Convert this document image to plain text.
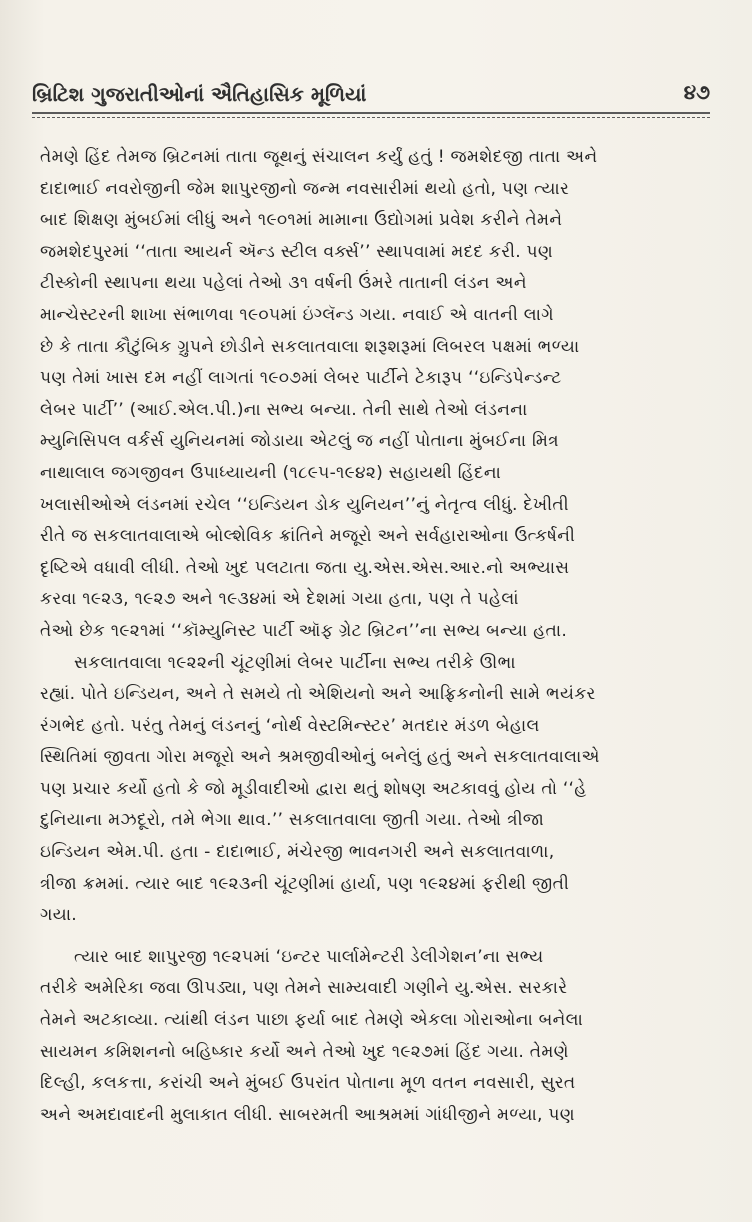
બ્રિટિશ ગુજરાતીઓનાં ઐતિહાસિક મૂળિયાં	૪૭
તેમણે હિંદ તેમજ બ્રિટનમાં તાતા જૂથનું સંચાલન કર્યું હતું ! જમશેદજી તાતા અને
દાદાભાઈ નવરોજીની જેમ શાપુરજીનો જન્મ નવસારીમાં થયો હતો, પણ ત્યાર
બાદ શિક્ષણ મુંબઈમાં લીધું અને ૧૯૦૧માં મામાના ઉદ્યોગમાં પ્રવેશ કરીને તેમને
જમશેદપુરમાં ‘‘તાતા આયર્ન ઍન્ડ સ્ટીલ વર્ક્સ’’ સ્થાપવામાં મદદ કરી. પણ
ટીસ્કોની સ્થાપના થયા પહેલાં તેઓ ૩૧ વર્ષની ઉંમરે તાતાની લંડન અને
માન્ચેસ્ટરની શાખા સંભાળવા ૧૯૦૫માં ઇંગ્લૅન્ડ ગયા. નવાઈ એ વાતની લાગે
છે કે તાતા કૌટુંબિક ગ્રુપને છોડીને સકલાતવાલા શરૂશરૂમાં લિબરલ પક્ષમાં ભળ્યા
પણ તેમાં ખાસ દમ નહીં લાગતાં ૧૯૦૭માં લેબર પાર્ટીને ટેકારૂપ ‘‘ઇન્ડિપેન્ડન્ટ
લેબર પાર્ટી’’ (આઈ.એલ.પી.)ના સભ્ય બન્યા. તેની સાથે તેઓ લંડનના
મ્યુનિસિપલ વર્કર્સ યુનિયનમાં જોડાયા એટલું જ નહીં પોતાના મુંબઈના મિત્ર
નાથાલાલ જગજીવન ઉપાધ્યાયની (૧૮૯૫-૧૯૪૨) સહાયથી હિંદના
ખલાસીઓએ લંડનમાં રચેલ ‘‘ઇન્ડિયન ડોક યુનિયન’’નું નેતૃત્વ લીધું. દેખીતી
રીતે જ સકલાતવાલાએ બોલ્શેવિક ક્રાંતિને મજૂરો અને સર્વહારાઓના ઉત્કર્ષની
દૃષ્ટિએ વધાવી લીધી. તેઓ ખુદ પલટાતા જતા યુ.એસ.એસ.આર.નો અભ્યાસ
કરવા ૧૯૨૩, ૧૯૨૭ અને ૧૯૩૪માં એ દેશમાં ગયા હતા, પણ તે પહેલાં
તેઓ છેક ૧૯૨૧માં ‘‘કૉમ્યુનિસ્ટ પાર્ટી ઑફ ગ્રેટ બ્રિટન’’ના સભ્ય બન્યા હતા.
સકલાતવાલા ૧૯૨૨ની ચૂંટણીમાં લેબર પાર્ટીના સભ્ય તરીકે ઊભા
રહ્યાં. પોતે ઇન્ડિયન, અને તે સમયે તો એશિયનો અને આફ્રિકનોની સામે ભયંકર
રંગભેદ હતો. પરંતુ તેમનું લંડનનું ‘નોર્થ વેસ્ટમિન્સ્ટર’ મતદાર મંડળ બેહાલ
સ્થિતિમાં જીવતા ગોરા મજૂરો અને શ્રમજીવીઓનું બનેલું હતું અને સકલાતવાલાએ
પણ પ્રચાર કર્યો હતો કે જો મૂડીવાદીઓ દ્વારા થતું શોષણ અટકાવવું હોય તો ‘‘હે
દુનિયાના મઝદૂરો, તમે ભેગા થાવ.’’ સકલાતવાલા જીતી ગયા. તેઓ ત્રીજા
ઇન્ડિયન એમ.પી. હતા - દાદાભાઈ, મંચેરજી ભાવનગરી અને સકલાતવાળા,
ત્રીજા ક્રમમાં. ત્યાર બાદ ૧૯૨૩ની ચૂંટણીમાં હાર્યા, પણ ૧૯૨૪માં ફરીથી જીતી
ગયા.
ત્યાર બાદ શાપુરજી ૧૯૨૫માં ‘ઇન્ટર પાર્લામેન્ટરી ડેલીગેશન’ના સભ્ય
તરીકે અમેરિકા જવા ઊપડ્યા, પણ તેમને સામ્યવાદી ગણીને યુ.એસ. સરકારે
તેમને અટકાવ્યા. ત્યાંથી લંડન પાછા ફર્યા બાદ તેમણે એકલા ગોરાઓના બનેલા
સાયમન કમિશનનો બહિષ્કાર કર્યો અને તેઓ ખુદ ૧૯૨૭માં હિંદ ગયા. તેમણે
દિલ્હી, કલકત્તા, કરાંચી અને મુંબઈ ઉપરાંત પોતાના મૂળ વતન નવસારી, સુરત
અને અમદાવાદની મુલાકાત લીધી. સાબરમતી આશ્રમમાં ગાંધીજીને મળ્યા, પણ
